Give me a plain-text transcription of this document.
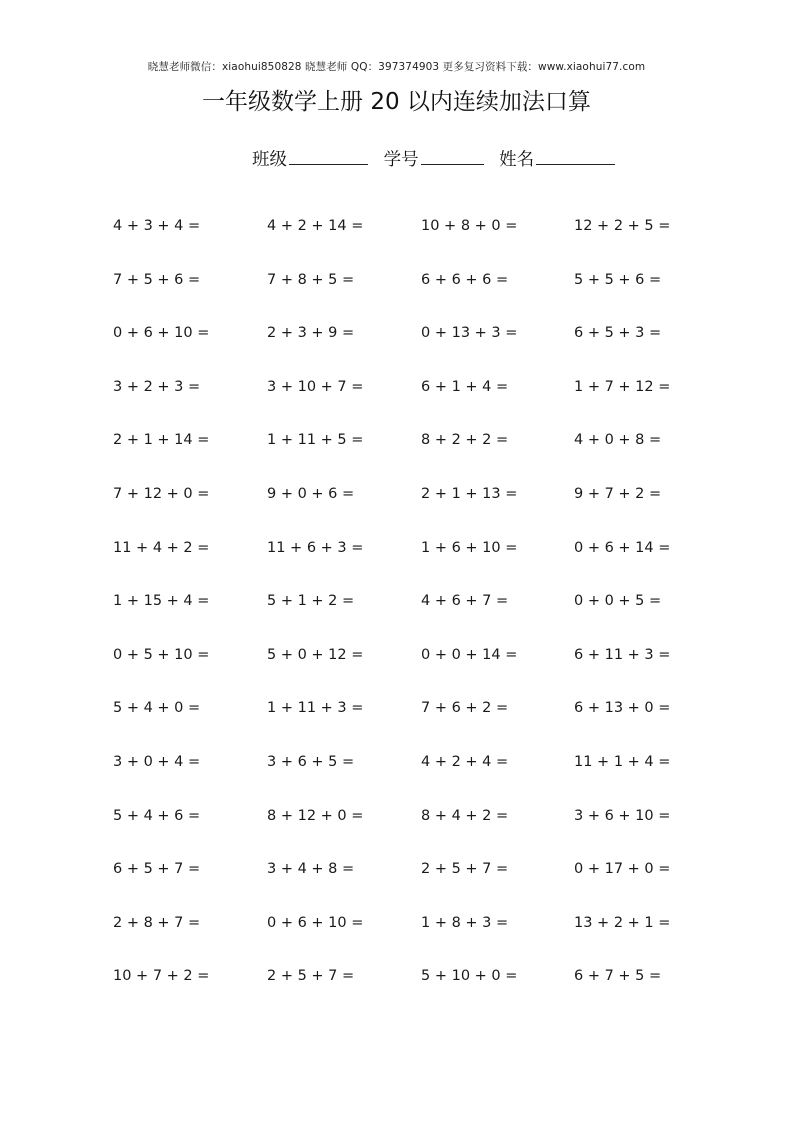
晓慧老师微信：xiaohui850828 晓慧老师 QQ：397374903 更多复习资料下载：www.xiaohui77.com
一年级数学上册 20 以内连续加法口算
班级	学号	姓名
4 + 3 + 4 =	4 + 2 + 14 =	10 + 8 + 0 =	12 + 2 + 5 =
7 + 5 + 6 =	7 + 8 + 5 =	6 + 6 + 6 =	5 + 5 + 6 =
0 + 6 + 10 =	2 + 3 + 9 =	0 + 13 + 3 =	6 + 5 + 3 =
3 + 2 + 3 =	3 + 10 + 7 =	6 + 1 + 4 =	1 + 7 + 12 =
2 + 1 + 14 =	1 + 11 + 5 =	8 + 2 + 2 =	4 + 0 + 8 =
7 + 12 + 0 =	9 + 0 + 6 =	2 + 1 + 13 =	9 + 7 + 2 =
11 + 4 + 2 =	11 + 6 + 3 =	1 + 6 + 10 =	0 + 6 + 14 =
1 + 15 + 4 =	5 + 1 + 2 =	4 + 6 + 7 =	0 + 0 + 5 =
0 + 5 + 10 =	5 + 0 + 12 =	0 + 0 + 14 =	6 + 11 + 3 =
5 + 4 + 0 =	1 + 11 + 3 =	7 + 6 + 2 =	6 + 13 + 0 =
3 + 0 + 4 =	3 + 6 + 5 =	4 + 2 + 4 =	11 + 1 + 4 =
5 + 4 + 6 =	8 + 12 + 0 =	8 + 4 + 2 =	3 + 6 + 10 =
6 + 5 + 7 =	3 + 4 + 8 =	2 + 5 + 7 =	0 + 17 + 0 =
2 + 8 + 7 =	0 + 6 + 10 =	1 + 8 + 3 =	13 + 2 + 1 =
10 + 7 + 2 =	2 + 5 + 7 =	5 + 10 + 0 =	6 + 7 + 5 =
